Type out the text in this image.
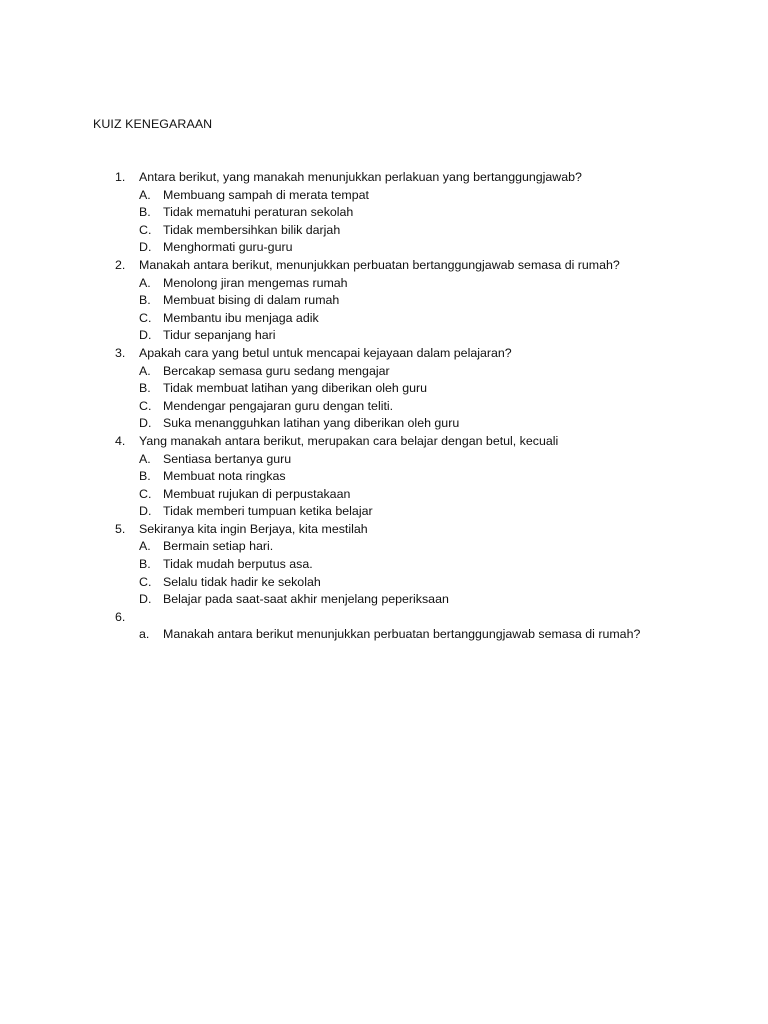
KUIZ KENEGARAAN
1. Antara berikut, yang manakah menunjukkan perlakuan yang bertanggungjawab?
A. Membuang sampah di merata tempat
B. Tidak mematuhi peraturan sekolah
C. Tidak membersihkan bilik darjah
D. Menghormati guru-guru
2. Manakah antara berikut, menunjukkan perbuatan bertanggungjawab semasa di rumah?
A. Menolong jiran mengemas rumah
B. Membuat bising di dalam rumah
C. Membantu ibu menjaga adik
D. Tidur sepanjang hari
3. Apakah cara yang betul untuk mencapai kejayaan dalam pelajaran?
A. Bercakap semasa guru sedang mengajar
B. Tidak membuat latihan yang diberikan oleh guru
C. Mendengar pengajaran guru dengan teliti.
D. Suka menangguhkan latihan yang diberikan oleh guru
4. Yang manakah antara berikut, merupakan cara belajar dengan betul, kecuali
A. Sentiasa bertanya guru
B. Membuat nota ringkas
C. Membuat rujukan di perpustakaan
D. Tidak memberi tumpuan ketika belajar
5. Sekiranya kita ingin Berjaya, kita mestilah
A. Bermain setiap hari.
B. Tidak mudah berputus asa.
C. Selalu tidak hadir ke sekolah
D. Belajar pada saat-saat akhir menjelang peperiksaan
6.
a. Manakah antara berikut menunjukkan perbuatan bertanggungjawab semasa di rumah?
